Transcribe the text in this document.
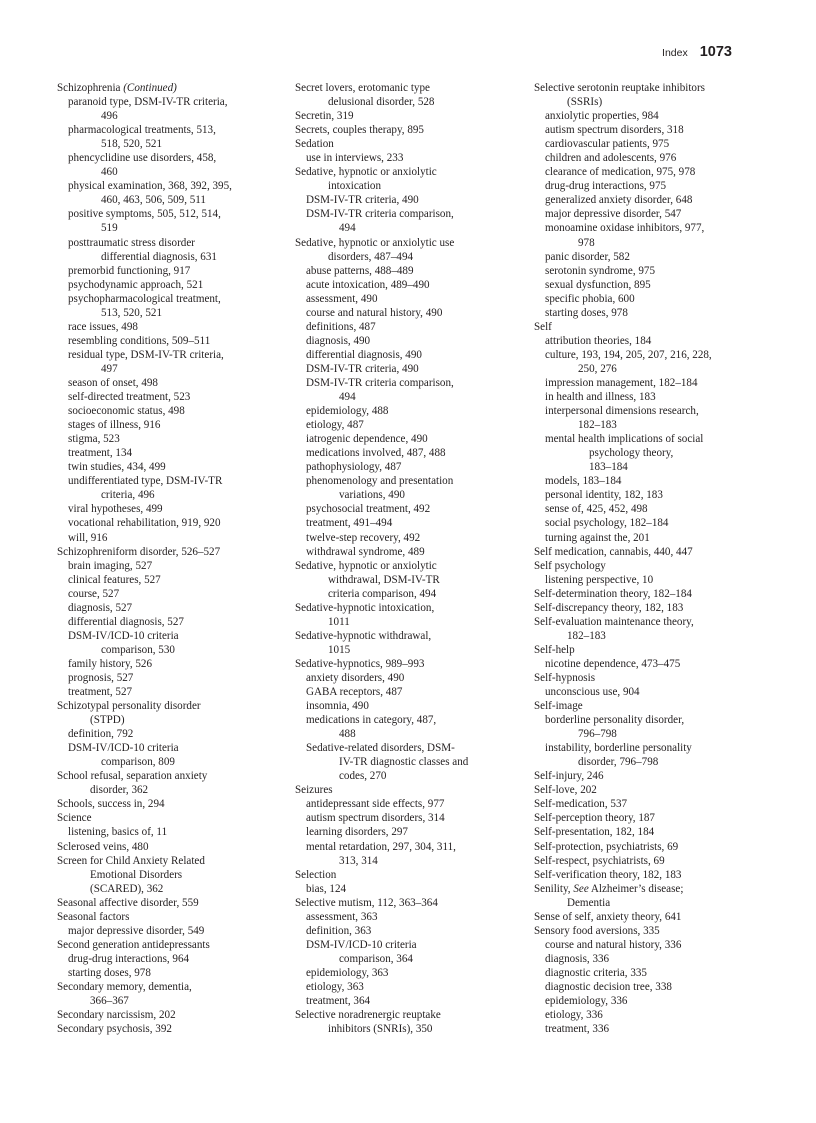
Index 1073
Schizophrenia (Continued)
paranoid type, DSM-IV-TR criteria,
496
pharmacological treatments, 513,
518, 520, 521
phencyclidine use disorders, 458,
460
physical examination, 368, 392, 395,
460, 463, 506, 509, 511
positive symptoms, 505, 512, 514,
519
posttraumatic stress disorder
differential diagnosis, 631
premorbid functioning, 917
psychodynamic approach, 521
psychopharmacological treatment,
513, 520, 521
race issues, 498
resembling conditions, 509–511
residual type, DSM-IV-TR criteria,
497
season of onset, 498
self-directed treatment, 523
socioeconomic status, 498
stages of illness, 916
stigma, 523
treatment, 134
twin studies, 434, 499
undifferentiated type, DSM-IV-TR
criteria, 496
viral hypotheses, 499
vocational rehabilitation, 919, 920
will, 916
Schizophreniform disorder, 526–527
brain imaging, 527
clinical features, 527
course, 527
diagnosis, 527
differential diagnosis, 527
DSM-IV/ICD-10 criteria
comparison, 530
family history, 526
prognosis, 527
treatment, 527
Schizotypal personality disorder
(STPD)
definition, 792
DSM-IV/ICD-10 criteria
comparison, 809
School refusal, separation anxiety
disorder, 362
Schools, success in, 294
Science
listening, basics of, 11
Sclerosed veins, 480
Screen for Child Anxiety Related
Emotional Disorders
(SCARED), 362
Seasonal affective disorder, 559
Seasonal factors
major depressive disorder, 549
Second generation antidepressants
drug-drug interactions, 964
starting doses, 978
Secondary memory, dementia,
366–367
Secondary narcissism, 202
Secondary psychosis, 392
Secret lovers, erotomanic type
delusional disorder, 528
Secretin, 319
Secrets, couples therapy, 895
Sedation
use in interviews, 233
Sedative, hypnotic or anxiolytic
intoxication
DSM-IV-TR criteria, 490
DSM-IV-TR criteria comparison,
494
Sedative, hypnotic or anxiolytic use
disorders, 487–494
abuse patterns, 488–489
acute intoxication, 489–490
assessment, 490
course and natural history, 490
definitions, 487
diagnosis, 490
differential diagnosis, 490
DSM-IV-TR criteria, 490
DSM-IV-TR criteria comparison,
494
epidemiology, 488
etiology, 487
iatrogenic dependence, 490
medications involved, 487, 488
pathophysiology, 487
phenomenology and presentation
variations, 490
psychosocial treatment, 492
treatment, 491–494
twelve-step recovery, 492
withdrawal syndrome, 489
Sedative, hypnotic or anxiolytic
withdrawal, DSM-IV-TR
criteria comparison, 494
Sedative-hypnotic intoxication,
1011
Sedative-hypnotic withdrawal,
1015
Sedative-hypnotics, 989–993
anxiety disorders, 490
GABA receptors, 487
insomnia, 490
medications in category, 487,
488
Sedative-related disorders, DSM-
IV-TR diagnostic classes and
codes, 270
Seizures
antidepressant side effects, 977
autism spectrum disorders, 314
learning disorders, 297
mental retardation, 297, 304, 311,
313, 314
Selection
bias, 124
Selective mutism, 112, 363–364
assessment, 363
definition, 363
DSM-IV/ICD-10 criteria
comparison, 364
epidemiology, 363
etiology, 363
treatment, 364
Selective noradrenergic reuptake
inhibitors (SNRIs), 350
Selective serotonin reuptake inhibitors
(SSRIs)
anxiolytic properties, 984
autism spectrum disorders, 318
cardiovascular patients, 975
children and adolescents, 976
clearance of medication, 975, 978
drug-drug interactions, 975
generalized anxiety disorder, 648
major depressive disorder, 547
monoamine oxidase inhibitors, 977,
978
panic disorder, 582
serotonin syndrome, 975
sexual dysfunction, 895
specific phobia, 600
starting doses, 978
Self
attribution theories, 184
culture, 193, 194, 205, 207, 216, 228,
250, 276
impression management, 182–184
in health and illness, 183
interpersonal dimensions research,
182–183
mental health implications of social
psychology theory,
183–184
models, 183–184
personal identity, 182, 183
sense of, 425, 452, 498
social psychology, 182–184
turning against the, 201
Self medication, cannabis, 440, 447
Self psychology
listening perspective, 10
Self-determination theory, 182–184
Self-discrepancy theory, 182, 183
Self-evaluation maintenance theory,
182–183
Self-help
nicotine dependence, 473–475
Self-hypnosis
unconscious use, 904
Self-image
borderline personality disorder,
796–798
instability, borderline personality
disorder, 796–798
Self-injury, 246
Self-love, 202
Self-medication, 537
Self-perception theory, 187
Self-presentation, 182, 184
Self-protection, psychiatrists, 69
Self-respect, psychiatrists, 69
Self-verification theory, 182, 183
Senility, See Alzheimer’s disease;
Dementia
Sense of self, anxiety theory, 641
Sensory food aversions, 335
course and natural history, 336
diagnosis, 336
diagnostic criteria, 335
diagnostic decision tree, 338
epidemiology, 336
etiology, 336
treatment, 336
